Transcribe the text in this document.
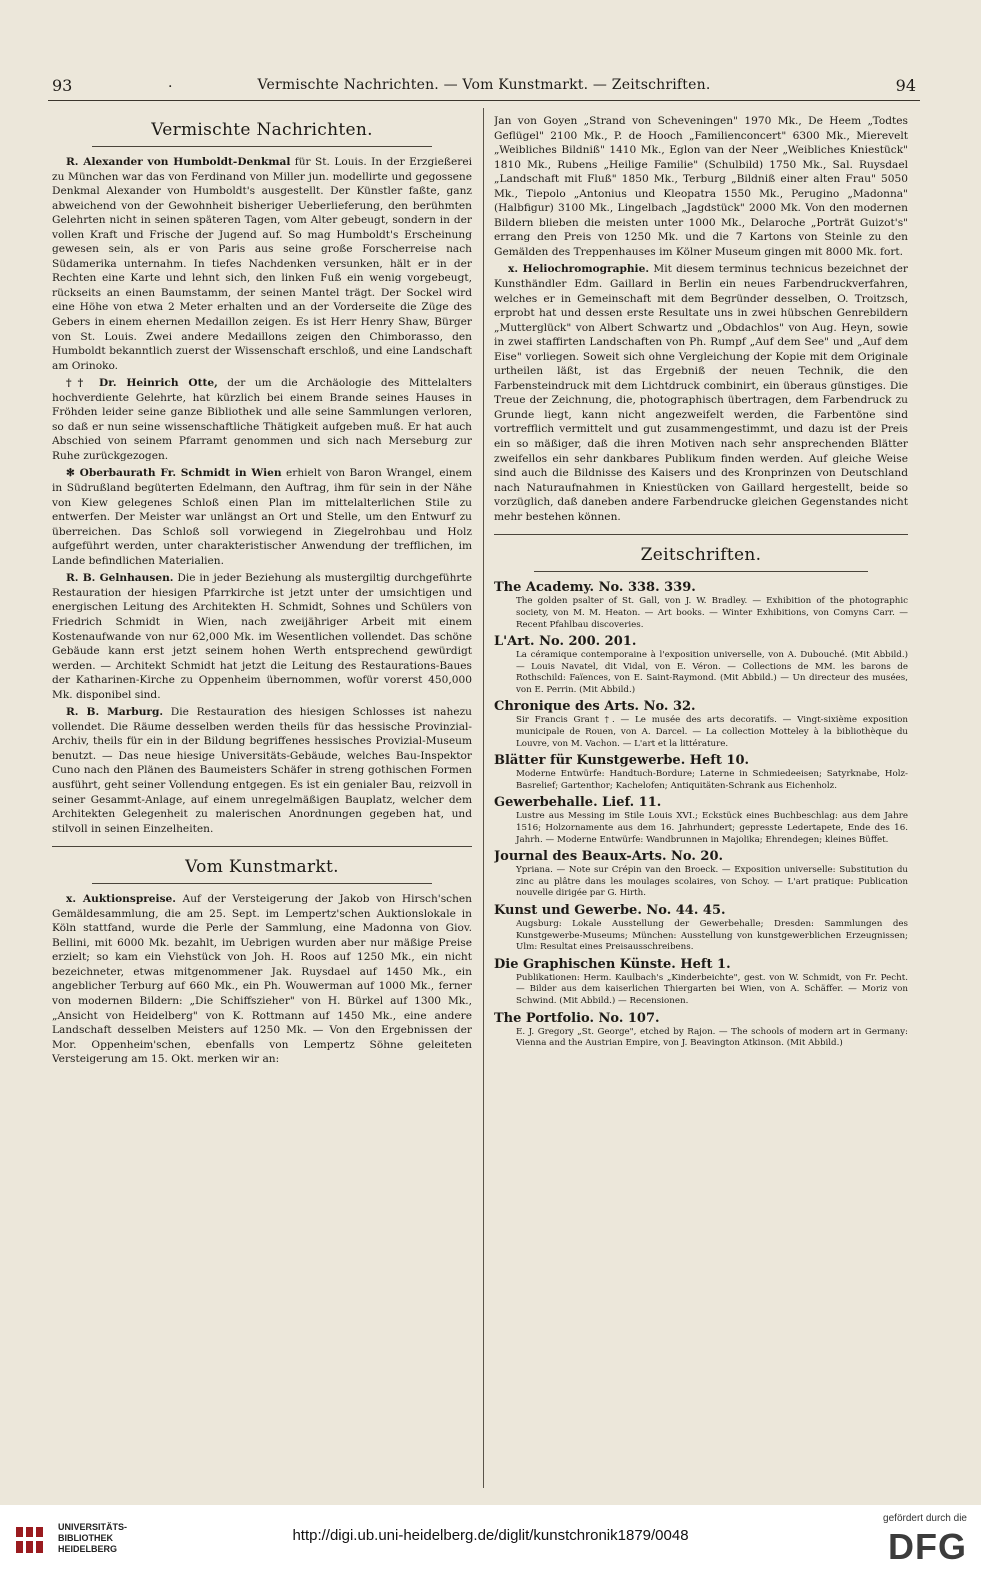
93	.	Vermischte Nachrichten. — Vom Kunstmarkt. — Zeitschriften.	94
Vermischte Nachrichten.

R. Alexander von Humboldt-Denkmal für St. Louis. In der Erzgießerei zu München war das von Ferdinand von Miller jun. modellirte und gegossene Denkmal Alexander von Humboldt's ausgestellt. Der Künstler faßte, ganz abweichend von der Gewohnheit bisheriger Ueberlieferung, den berühmten Gelehrten nicht in seinen späteren Tagen, vom Alter gebeugt, sondern in der vollen Kraft und Frische der Jugend auf. So mag Humboldt's Erscheinung gewesen sein, als er von Paris aus seine große Forscherreise nach Südamerika unternahm. In tiefes Nachdenken versunken, hält er in der Rechten eine Karte und lehnt sich, den linken Fuß ein wenig vorgebeugt, rückseits an einen Baumstamm, der seinen Mantel trägt. Der Sockel wird eine Höhe von etwa 2 Meter erhalten und an der Vorderseite die Züge des Gebers in einem ehernen Medaillon zeigen. Es ist Herr Henry Shaw, Bürger von St. Louis. Zwei andere Medaillons zeigen den Chimborasso, den Humboldt bekanntlich zuerst der Wissenschaft erschloß, und eine Landschaft am Orinoko.

†† Dr. Heinrich Otte, der um die Archäologie des Mittelalters hochverdiente Gelehrte, hat kürzlich bei einem Brande seines Hauses in Fröhden leider seine ganze Bibliothek und alle seine Sammlungen verloren, so daß er nun seine wissenschaftliche Thätigkeit aufgeben muß. Er hat auch Abschied von seinem Pfarramt genommen und sich nach Merseburg zur Ruhe zurückgezogen.

✻ Oberbaurath Fr. Schmidt in Wien erhielt von Baron Wrangel, einem in Südrußland begüterten Edelmann, den Auftrag, ihm für sein in der Nähe von Kiew gelegenes Schloß einen Plan im mittelalterlichen Stile zu entwerfen. Der Meister war unlängst an Ort und Stelle, um den Entwurf zu überreichen. Das Schloß soll vorwiegend in Ziegelrohbau und Holz aufgeführt werden, unter charakteristischer Anwendung der trefflichen, im Lande befindlichen Materialien.

R. B. Gelnhausen. Die in jeder Beziehung als mustergiltig durchgeführte Restauration der hiesigen Pfarrkirche ist jetzt unter der umsichtigen und energischen Leitung des Architekten H. Schmidt, Sohnes und Schülers von Friedrich Schmidt in Wien, nach zweijähriger Arbeit mit einem Kostenaufwande von nur 62,000 Mk. im Wesentlichen vollendet. Das schöne Gebäude kann erst jetzt seinem hohen Werth entsprechend gewürdigt werden. — Architekt Schmidt hat jetzt die Leitung des Restaurations-Baues der Katharinen-Kirche zu Oppenheim übernommen, wofür vorerst 450,000 Mk. disponibel sind.

R. B. Marburg. Die Restauration des hiesigen Schlosses ist nahezu vollendet. Die Räume desselben werden theils für das hessische Provinzial-Archiv, theils für ein in der Bildung begriffenes hessisches Provizial-Museum benutzt. — Das neue hiesige Universitäts-Gebäude, welches Bau-Inspektor Cuno nach den Plänen des Baumeisters Schäfer in streng gothischen Formen ausführt, geht seiner Vollendung entgegen. Es ist ein genialer Bau, reizvoll in seiner Gesammt-Anlage, auf einem unregelmäßigen Bauplatz, welcher dem Architekten Gelegenheit zu malerischen Anordnungen gegeben hat, und stilvoll in seinen Einzelheiten.

Vom Kunstmarkt.

x. Auktionspreise. Auf der Versteigerung der Jakob von Hirsch'schen Gemäldesammlung, die am 25. Sept. im Lempertz'schen Auktionslokale in Köln stattfand, wurde die Perle der Sammlung, eine Madonna von Giov. Bellini, mit 6000 Mk. bezahlt, im Uebrigen wurden aber nur mäßige Preise erzielt; so kam ein Viehstück von Joh. H. Roos auf 1250 Mk., ein nicht bezeichneter, etwas mitgenommener Jak. Ruysdael auf 1450 Mk., ein angeblicher Terburg auf 660 Mk., ein Ph. Wouwerman auf 1000 Mk., ferner von modernen Bildern: „Die Schiffszieher" von H. Bürkel auf 1300 Mk., „Ansicht von Heidelberg" von K. Rottmann auf 1450 Mk., eine andere Landschaft desselben Meisters auf 1250 Mk. — Von den Ergebnissen der Mor. Oppenheim'schen, ebenfalls von Lempertz Söhne geleiteten Versteigerung am 15. Okt. merken wir an:

Jan von Goyen „Strand von Scheveningen" 1970 Mk., De Heem „Todtes Geflügel" 2100 Mk., P. de Hooch „Familienconcert" 6300 Mk., Mierevelt „Weibliches Bildniß" 1410 Mk., Eglon van der Neer „Weibliches Kniestück" 1810 Mk., Rubens „Heilige Familie" (Schulbild) 1750 Mk., Sal. Ruysdael „Landschaft mit Fluß" 1850 Mk., Terburg „Bildniß einer alten Frau" 5050 Mk., Tiepolo „Antonius und Kleopatra 1550 Mk., Perugino „Madonna" (Halbfigur) 3100 Mk., Lingelbach „Jagdstück" 2000 Mk. Von den modernen Bildern blieben die meisten unter 1000 Mk., Delaroche „Porträt Guizot's" errang den Preis von 1250 Mk. und die 7 Kartons von Steinle zu den Gemälden des Treppenhauses im Kölner Museum gingen mit 8000 Mk. fort.

x. Heliochromographie. Mit diesem terminus technicus bezeichnet der Kunsthändler Edm. Gaillard in Berlin ein neues Farbendruckverfahren, welches er in Gemeinschaft mit dem Begründer desselben, O. Troitzsch, erprobt hat und dessen erste Resultate uns in zwei hübschen Genrebildern „Mutterglück" von Albert Schwartz und „Obdachlos" von Aug. Heyn, sowie in zwei staffirten Landschaften von Ph. Rumpf „Auf dem See" und „Auf dem Eise" vorliegen. Soweit sich ohne Vergleichung der Kopie mit dem Originale urtheilen läßt, ist das Ergebniß der neuen Technik, die den Farbensteindruck mit dem Lichtdruck combinirt, ein überaus günstiges. Die Treue der Zeichnung, die, photographisch übertragen, dem Farbendruck zu Grunde liegt, kann nicht angezweifelt werden, die Farbentöne sind vortrefflich vermittelt und gut zusammengestimmt, und dazu ist der Preis ein so mäßiger, daß die ihren Motiven nach sehr ansprechenden Blätter zweifellos ein sehr dankbares Publikum finden werden. Auf gleiche Weise sind auch die Bildnisse des Kaisers und des Kronprinzen von Deutschland nach Naturaufnahmen in Kniestücken von Gaillard hergestellt, beide so vorzüglich, daß daneben andere Farbendrucke gleichen Gegenstandes nicht mehr bestehen können.

Zeitschriften.
The Academy. No. 338. 339.
The golden psalter of St. Gall, von J. W. Bradley. — Exhibition of the photographic society, von M. M. Heaton. — Art books. — Winter Exhibitions, von Comyns Carr. — Recent Pfahlbau discoveries.
L'Art. No. 200. 201.
La céramique contemporaine à l'exposition universelle, von A. Dubouché. (Mit Abbild.) — Louis Navatel, dit Vidal, von E. Véron. — Collections de MM. les barons de Rothschild: Faïences, von E. Saint-Raymond. (Mit Abbild.) — Un directeur des musées, von E. Perrin. (Mit Abbild.)
Chronique des Arts. No. 32.
Sir Francis Grant †. — Le musée des arts decoratifs. — Vingt-sixième exposition municipale de Rouen, von A. Darcel. — La collection Motteley à la bibliothèque du Louvre, von M. Vachon. — L'art et la littérature.
Blätter für Kunstgewerbe. Heft 10.
Moderne Entwürfe: Handtuch-Bordure; Laterne in Schmiedeeisen; Satyrknabe, Holz-Basrelief; Gartenthor; Kachelofen; Antiquitäten-Schrank aus Eichenholz.
Gewerbehalle. Lief. 11.
Lustre aus Messing im Stile Louis XVI.; Eckstück eines Buchbeschlag: aus dem Jahre 1516; Holzornamente aus dem 16. Jahrhundert; gepresste Ledertapete, Ende des 16. Jahrh. — Moderne Entwürfe: Wandbrunnen in Majolika; Ehrendegen; kleines Büffet.
Journal des Beaux-Arts. No. 20.
Ypriana. — Note sur Crépin van den Broeck. — Exposition universelle: Substitution du zinc au plâtre dans les moulages scolaires, von Schoy. — L'art pratique: Publication nouvelle dirigée par G. Hirth.
Kunst und Gewerbe. No. 44. 45.
Augsburg: Lokale Ausstellung der Gewerbehalle; Dresden: Sammlungen des Kunstgewerbe-Museums; München: Ausstellung von kunstgewerblichen Erzeugnissen; Ulm: Resultat eines Preisausschreibens.
Die Graphischen Künste. Heft 1.
Publikationen: Herm. Kaulbach's „Kinderbeichte", gest. von W. Schmidt, von Fr. Pecht. — Bilder aus dem kaiserlichen Thiergarten bei Wien, von A. Schäffer. — Moriz von Schwind. (Mit Abbild.) — Recensionen.
The Portfolio. No. 107.
E. J. Gregory „St. George", etched by Rajon. — The schools of modern art in Germany: Vienna and the Austrian Empire, von J. Beavington Atkinson. (Mit Abbild.)
UNIVERSITÄTS-
BIBLIOTHEK
HEIDELBERG
http://digi.ub.uni-heidelberg.de/diglit/kunstchronik1879/0048
gefördert durch die
DFG
